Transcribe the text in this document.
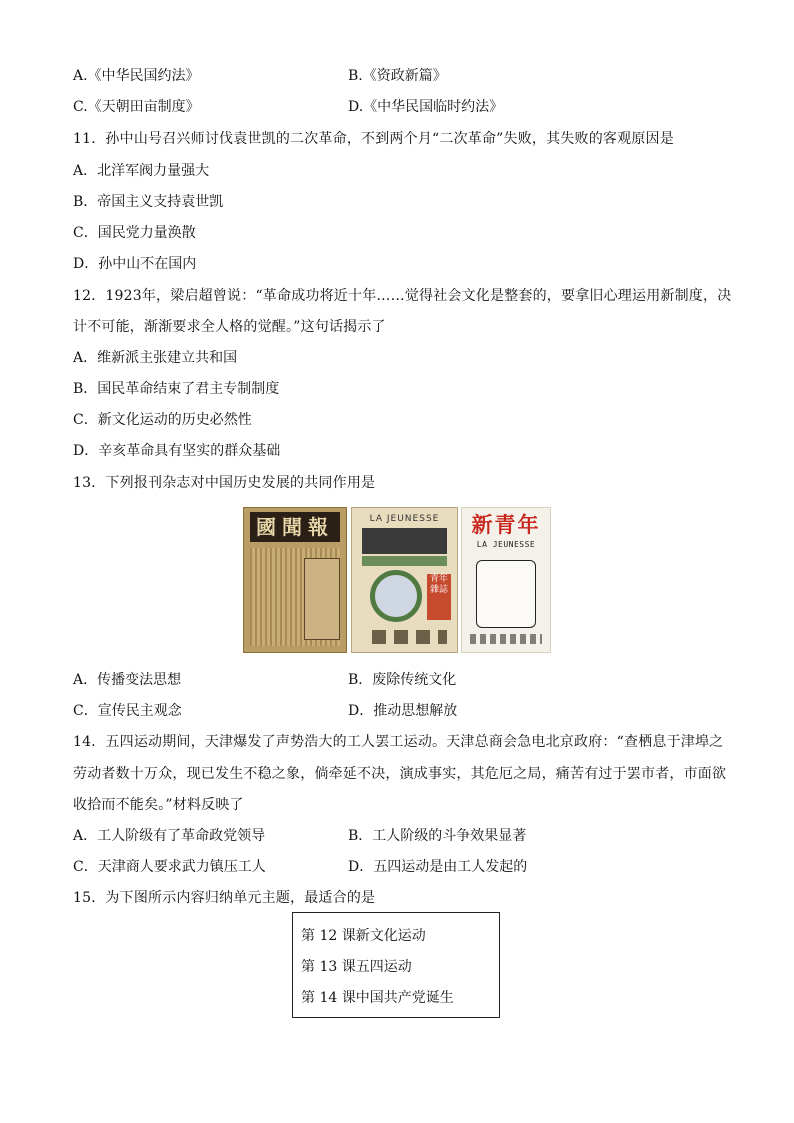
A.《中华民国约法》	B.《资政新篇》
C.《天朝田亩制度》	D.《中华民国临时约法》
11．孙中山号召兴师讨伐袁世凯的二次革命，不到两个月“二次革命”失败，其失败的客观原因是
A．北洋军阀力量强大
B．帝国主义支持袁世凯
C．国民党力量涣散
D．孙中山不在国内
12．1923年，梁启超曾说：“革命成功将近十年……觉得社会文化是整套的，要拿旧心理运用新制度，决
计不可能，渐渐要求全人格的觉醒。”这句话揭示了
A．维新派主张建立共和国
B．国民革命结束了君主专制制度
C．新文化运动的历史必然性
D．辛亥革命具有坚实的群众基础
13．下列报刊杂志对中国历史发展的共同作用是
國聞報	LA JEUNESSE
青年雜誌
新青年
LA JEUNESSE
A．传播变法思想	B．废除传统文化
C．宣传民主观念	D．推动思想解放
14．五四运动期间，天津爆发了声势浩大的工人罢工运动。天津总商会急电北京政府：“查栖息于津埠之
劳动者数十万众，现已发生不稳之象，倘牵延不决，演成事实，其危厄之局，痛苦有过于罢市者，市面欲
收拾而不能矣。”材料反映了
A．工人阶级有了革命政党领导	B．工人阶级的斗争效果显著
C．天津商人要求武力镇压工人	D．五四运动是由工人发起的
15．为下图所示内容归纳单元主题，最适合的是
第 12 课新文化运动
第 13 课五四运动
第 14 课中国共产党诞生
